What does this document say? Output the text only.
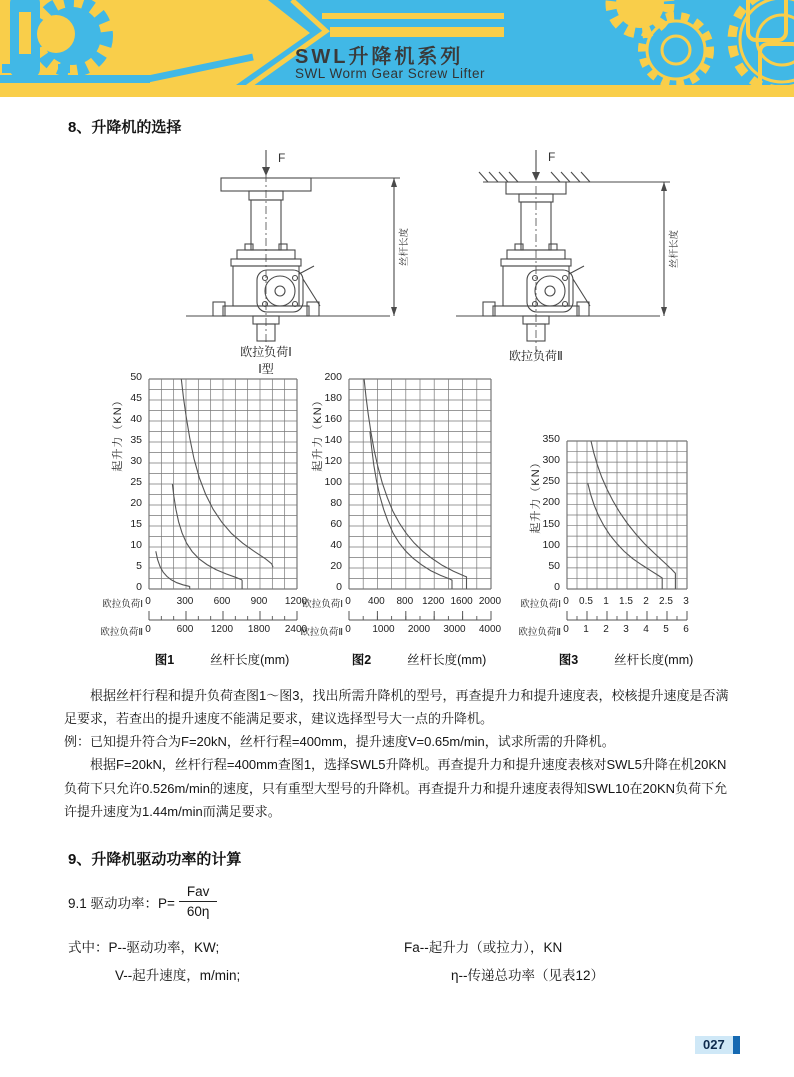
SWL升降机系列
SWL Worm Gear Screw Lifter
8、升降机的选择
F
丝杆长度
F
丝杆长度
欧拉负荷Ⅰ
Ⅰ型
欧拉负荷Ⅱ
起升力（KN）
50
45
40
35
30
25
20
15
10
5
0
欧拉负荷Ⅰ 0	300	600	900	1200
欧拉负荷Ⅱ 0	600	1200	1800	2400
图1	丝杆长度(mm)
起升力（KN）
200
180
160
140
120
100
80
60
40
20
0
欧拉负荷Ⅰ 0	400	800 1200 1600 2000
欧拉负荷Ⅱ 0	1000	2000	3000	4000
图2	丝杆长度(mm)
起升力（KN）
350
300
250
200
150
100
50
0
欧拉负荷Ⅰ 0	0.5	1	1.5	2	2.5	3
欧拉负荷Ⅱ 0	1	2	3	4	5	6
图3	丝杆长度(mm)

根据丝杆行程和提升负荷查图1～图3，找出所需升降机的型号，再查提升力和提升速度表，校核提升速度是否满足要求，若查出的提升速度不能满足要求，建议选择型号大一点的升降机。

例：已知提升符合为F=20kN，丝杆行程=400mm，提升速度V=0.65m/min，试求所需的升降机。

根据F=20kN，丝杆行程=400mm查图1，选择SWL5升降机。再查提升力和提升速度表核对SWL5升降在机20KN负荷下只允许0.526m/min的速度，只有重型大型号的升降机。再查提升力和提升速度表得知SWL10在20KN负荷下允许提升速度为1.44m/min而满足要求。

9、升降机驱动功率的计算
9.1 驱动功率：$P= \frac{\text{Fav}}{60\eta}$
式中：P--驱动功率，KW;	Fa--起升力（或拉力），KN
V--起升速度，m/min;	η--传递总功率（见表12）
027
